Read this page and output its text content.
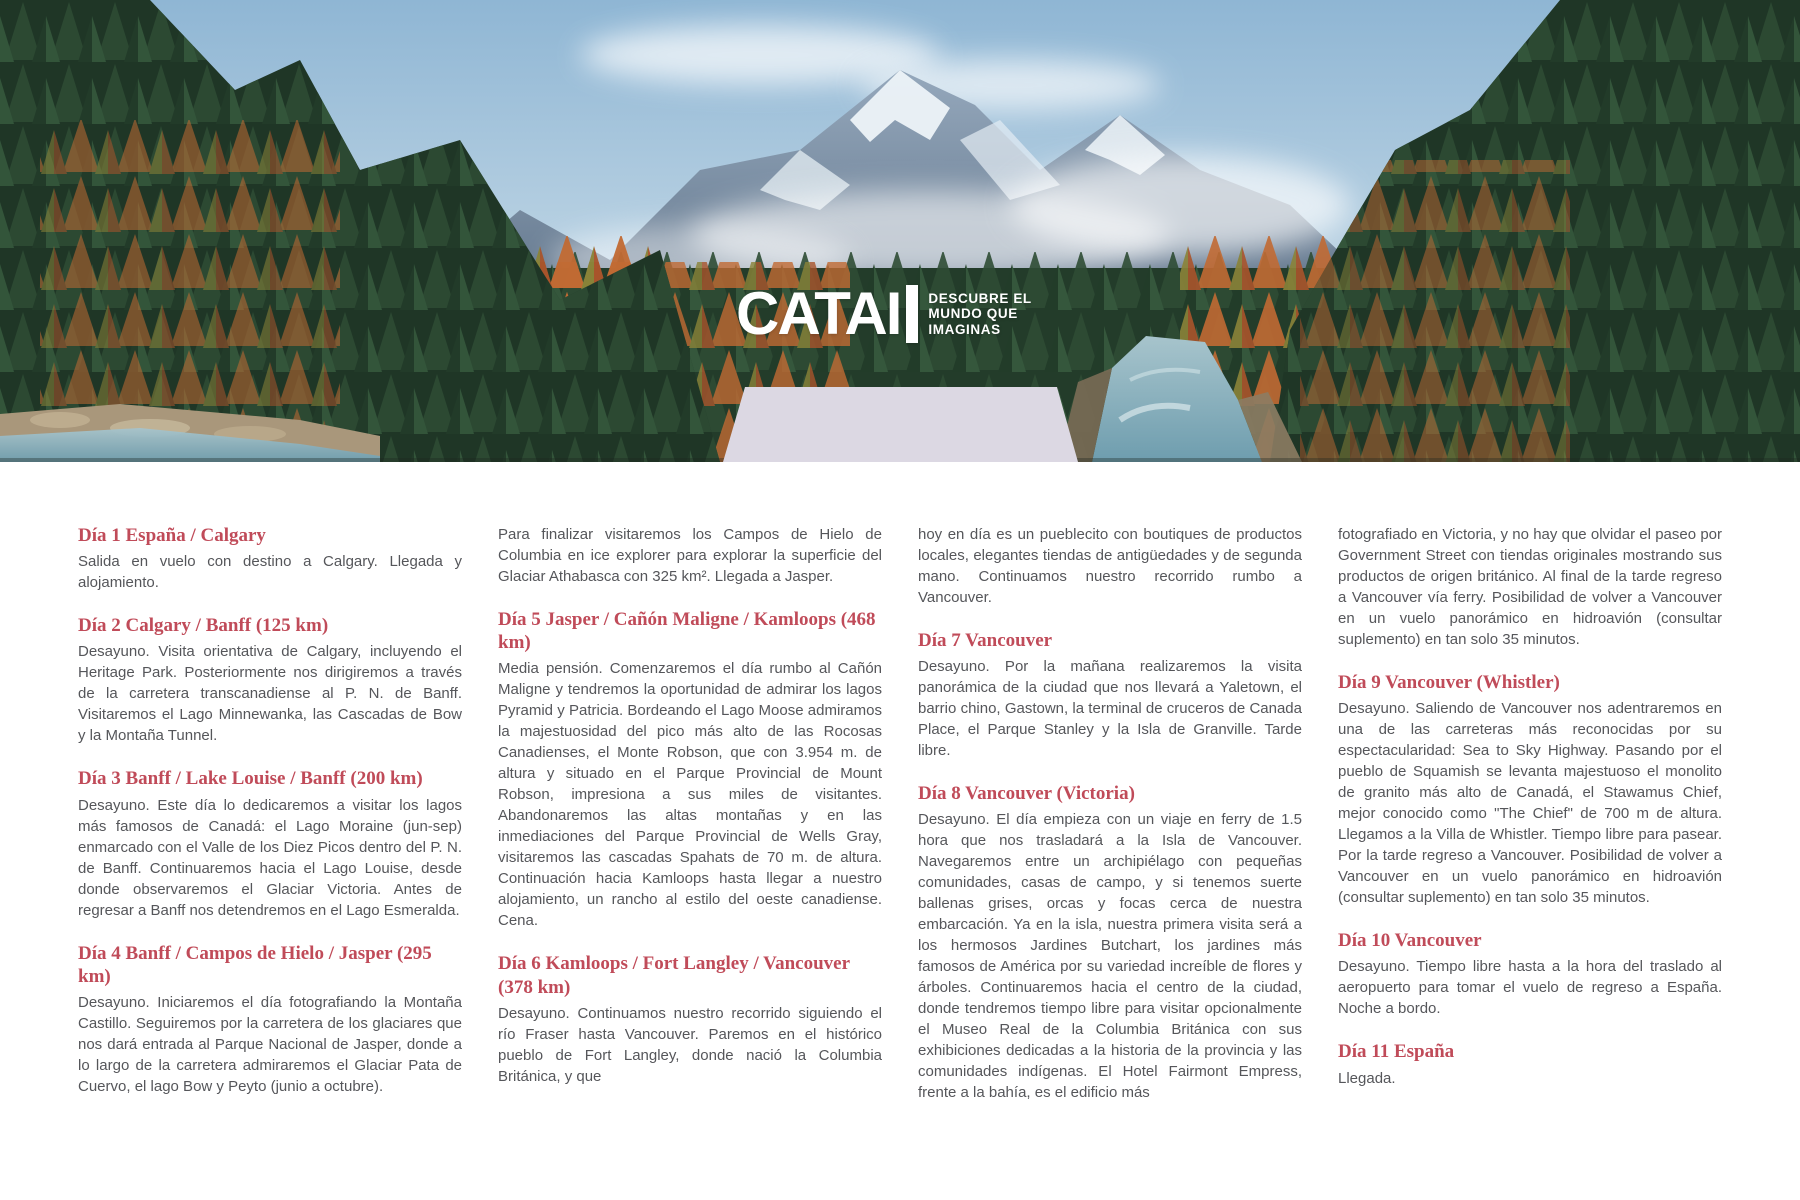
CATAI DESCUBRE EL
MUNDO QUE
IMAGINAS
Día 1 España / Calgary

Salida en vuelo con destino a Calgary. Llegada y alojamiento.

Día 2 Calgary / Banff (125 km)

Desayuno. Visita orientativa de Calgary, incluyendo el Heritage Park. Posteriormente nos dirigiremos a través de la carretera transcanadiense al P. N. de Banff. Visitaremos el Lago Minnewanka, las Cascadas de Bow y la Montaña Tunnel.

Día 3 Banff / Lake Louise / Banff (200 km)

Desayuno. Este día lo dedicaremos a visitar los lagos más famosos de Canadá: el Lago Moraine (jun-sep) enmarcado con el Valle de los Diez Picos dentro del P. N. de Banff. Continuaremos hacia el Lago Louise, desde donde observaremos el Glaciar Victoria. Antes de regresar a Banff nos detendremos en el Lago Esmeralda.

Día 4 Banff / Campos de Hielo / Jasper (295 km)

Desayuno. Iniciaremos el día fotografiando la Montaña Castillo. Seguiremos por la carretera de los glaciares que nos dará entrada al Parque Nacional de Jasper, donde a lo largo de la carretera admiraremos el Glaciar Pata de Cuervo, el lago Bow y Peyto (junio a octubre).

Para finalizar visitaremos los Campos de Hielo de Columbia en ice explorer para explorar la superficie del Glaciar Athabasca con 325 km². Llegada a Jasper.

Día 5 Jasper / Cañón Maligne / Kamloops (468 km)

Media pensión. Comenzaremos el día rumbo al Cañón Maligne y tendremos la oportunidad de admirar los lagos Pyramid y Patricia. Bordeando el Lago Moose admiramos la majestuosidad del pico más alto de las Rocosas Canadienses, el Monte Robson, que con 3.954 m. de altura y situado en el Parque Provincial de Mount Robson, impresiona a sus miles de visitantes. Abandonaremos las altas montañas y en las inmediaciones del Parque Provincial de Wells Gray, visitaremos las cascadas Spahats de 70 m. de altura. Continuación hacia Kamloops hasta llegar a nuestro alojamiento, un rancho al estilo del oeste canadiense. Cena.

Día 6 Kamloops / Fort Langley / Vancouver (378 km)

Desayuno. Continuamos nuestro recorrido siguiendo el río Fraser hasta Vancouver. Paremos en el histórico pueblo de Fort Langley, donde nació la Columbia Británica, y que

hoy en día es un pueblecito con boutiques de productos locales, elegantes tiendas de antigüedades y de segunda mano. Continuamos nuestro recorrido rumbo a Vancouver.

Día 7 Vancouver

Desayuno. Por la mañana realizaremos la visita panorámica de la ciudad que nos llevará a Yaletown, el barrio chino, Gastown, la terminal de cruceros de Canada Place, el Parque Stanley y la Isla de Granville. Tarde libre.

Día 8 Vancouver (Victoria)

Desayuno. El día empieza con un viaje en ferry de 1.5 hora que nos trasladará a la Isla de Vancouver. Navegaremos entre un archipiélago con pequeñas comunidades, casas de campo, y si tenemos suerte ballenas grises, orcas y focas cerca de nuestra embarcación. Ya en la isla, nuestra primera visita será a los hermosos Jardines Butchart, los jardines más famosos de América por su variedad increíble de flores y árboles. Continuaremos hacia el centro de la ciudad, donde tendremos tiempo libre para visitar opcionalmente el Museo Real de la Columbia Británica con sus exhibiciones dedicadas a la historia de la provincia y las comunidades indígenas. El Hotel Fairmont Empress, frente a la bahía, es el edificio más

fotografiado en Victoria, y no hay que olvidar el paseo por Government Street con tiendas originales mostrando sus productos de origen británico. Al final de la tarde regreso a Vancouver vía ferry. Posibilidad de volver a Vancouver en un vuelo panorámico en hidroavión (consultar suplemento) en tan solo 35 minutos.

Día 9 Vancouver (Whistler)

Desayuno. Saliendo de Vancouver nos adentraremos en una de las carreteras más reconocidas por su espectacularidad: Sea to Sky Highway. Pasando por el pueblo de Squamish se levanta majestuoso el monolito de granito más alto de Canadá, el Stawamus Chief, mejor conocido como "The Chief" de 700 m de altura. Llegamos a la Villa de Whistler. Tiempo libre para pasear. Por la tarde regreso a Vancouver. Posibilidad de volver a Vancouver en un vuelo panorámico en hidroavión (consultar suplemento) en tan solo 35 minutos.

Día 10 Vancouver

Desayuno. Tiempo libre hasta a la hora del traslado al aeropuerto para tomar el vuelo de regreso a España. Noche a bordo.

Día 11 España

Llegada.
